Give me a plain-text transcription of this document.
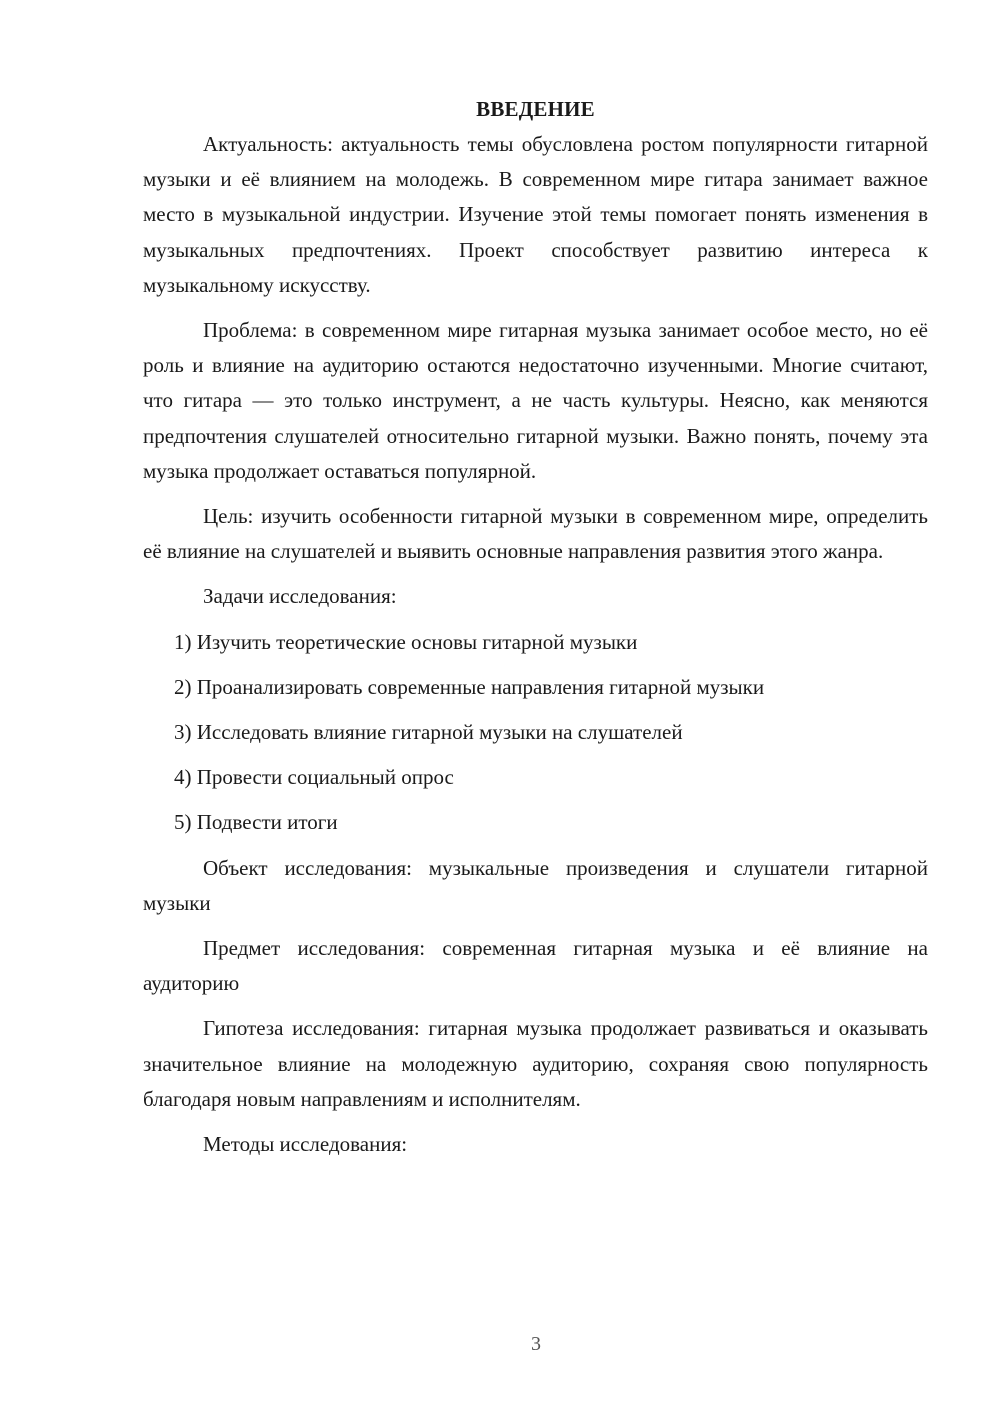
ВВЕДЕНИЕ

Актуальность: актуальность темы обусловлена ростом популярности гитарной музыки и её влиянием на молодежь. В современном мире гитара занимает важное место в музыкальной индустрии. Изучение этой темы помогает понять изменения в музыкальных предпочтениях. Проект способствует развитию интереса к музыкальному искусству.

Проблема: в современном мире гитарная музыка занимает особое место, но её роль и влияние на аудиторию остаются недостаточно изученными. Многие считают, что гитара — это только инструмент, а не часть культуры. Неясно, как меняются предпочтения слушателей относительно гитарной музыки. Важно понять, почему эта музыка продолжает оставаться популярной.

Цель: изучить особенности гитарной музыки в современном мире, определить её влияние на слушателей и выявить основные направления развития этого жанра.

Задачи исследования:

1) Изучить теоретические основы гитарной музыки
2) Проанализировать современные направления гитарной музыки
3) Исследовать влияние гитарной музыки на слушателей
4) Провести социальный опрос
5) Подвести итоги

Объект исследования: музыкальные произведения и слушатели гитарной музыки

Предмет исследования: современная гитарная музыка и её влияние на аудиторию

Гипотеза исследования: гитарная музыка продолжает развиваться и оказывать значительное влияние на молодежную аудиторию, сохраняя свою популярность благодаря новым направлениям и исполнителям.

Методы исследования:

3
